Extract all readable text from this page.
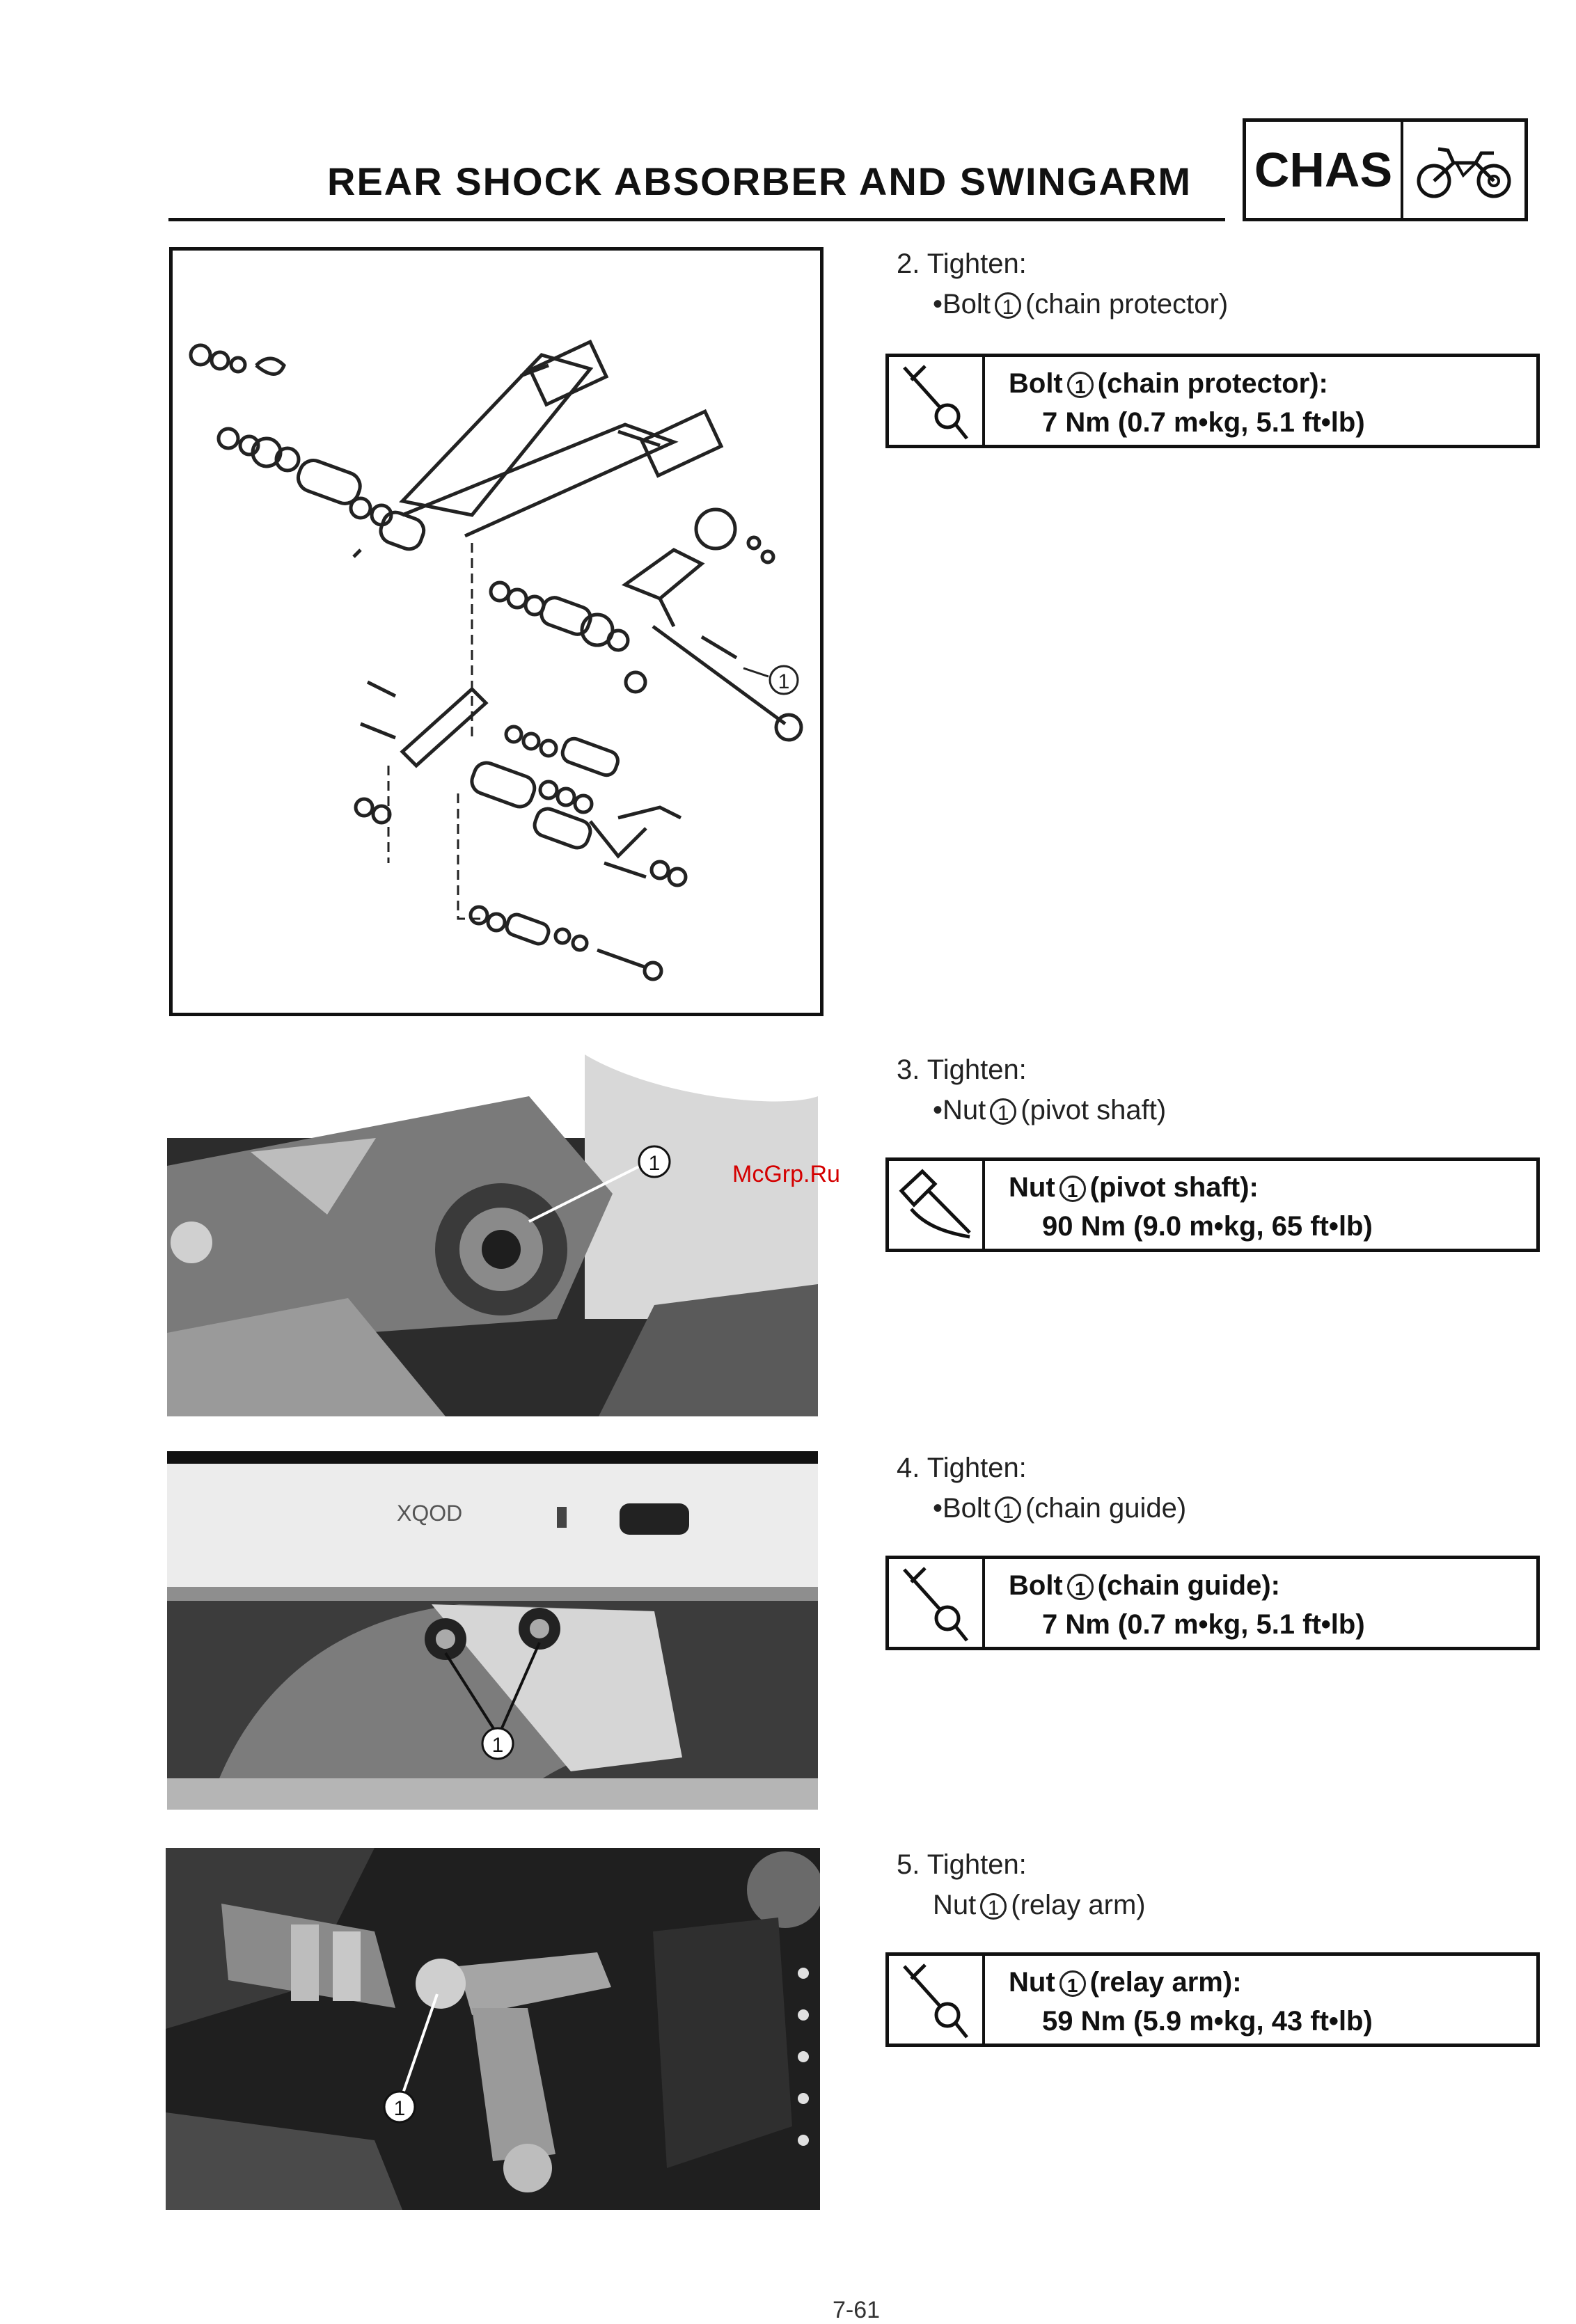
REAR SHOCK ABSORBER AND SWINGARM CHAS
1
2. Tighten:
•Bolt 1 (chain protector)
Bolt 1 (chain protector):
7 Nm (0.7 m•kg, 5.1 ft•lb)
1	McGrp.Ru
3. Tighten:
•Nut 1 (pivot shaft)
Nut 1 (pivot shaft):
90 Nm (9.0 m•kg, 65 ft•lb)
XQOD
1
4. Tighten:
•Bolt 1 (chain guide)
Bolt 1 (chain guide):
7 Nm (0.7 m•kg, 5.1 ft•lb)
1
5. Tighten:
Nut 1 (relay arm)
Nut 1 (relay arm):
59 Nm (5.9 m•kg, 43 ft•lb)
7-61
